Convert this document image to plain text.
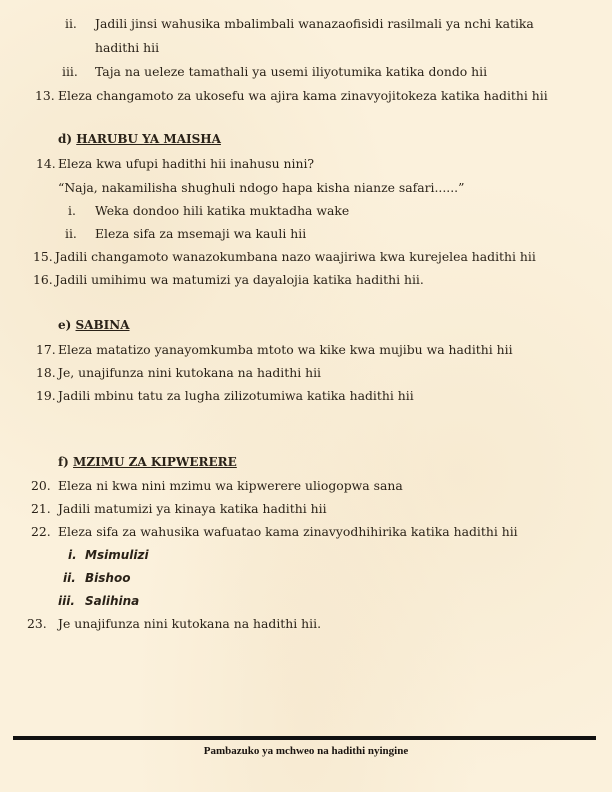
ii. Jadili jinsi wahusika mbalimbali wanazaofisidi rasilmali ya nchi katika
hadithi hii
iii. Taja na ueleze tamathali ya usemi iliyotumika katika dondo hii
13. Eleza changamoto za ukosefu wa ajira kama zinavyojitokeza katika hadithi hii
d) HARUBU YA MAISHA
14. Eleza kwa ufupi hadithi hii inahusu nini?
“Naja, nakamilisha shughuli ndogo hapa kisha nianze safari......”
i. Weka dondoo hili katika muktadha wake
ii. Eleza sifa za msemaji wa kauli hii
15. Jadili changamoto wanazokumbana nazo waajiriwa kwa kurejelea hadithi hii
16. Jadili umihimu wa matumizi ya dayalojia katika hadithi hii.
e) SABINA
17. Eleza matatizo yanayomkumba mtoto wa kike kwa mujibu wa hadithi hii
18. Je, unajifunza nini kutokana na hadithi hii
19. Jadili mbinu tatu za lugha zilizotumiwa katika hadithi hii
f) MZIMU ZA KIPWERERE
20. Eleza ni kwa nini mzimu wa kipwerere uliogopwa sana
21. Jadili matumizi ya kinaya katika hadithi hii
22. Eleza sifa za wahusika wafuatao kama zinavyodhihirika katika hadithi hii
i. Msimulizi
ii. Bishoo
iii. Salihina
23. Je unajifunza nini kutokana na hadithi hii.
Pambazuko ya mchweo na hadithi nyingine
